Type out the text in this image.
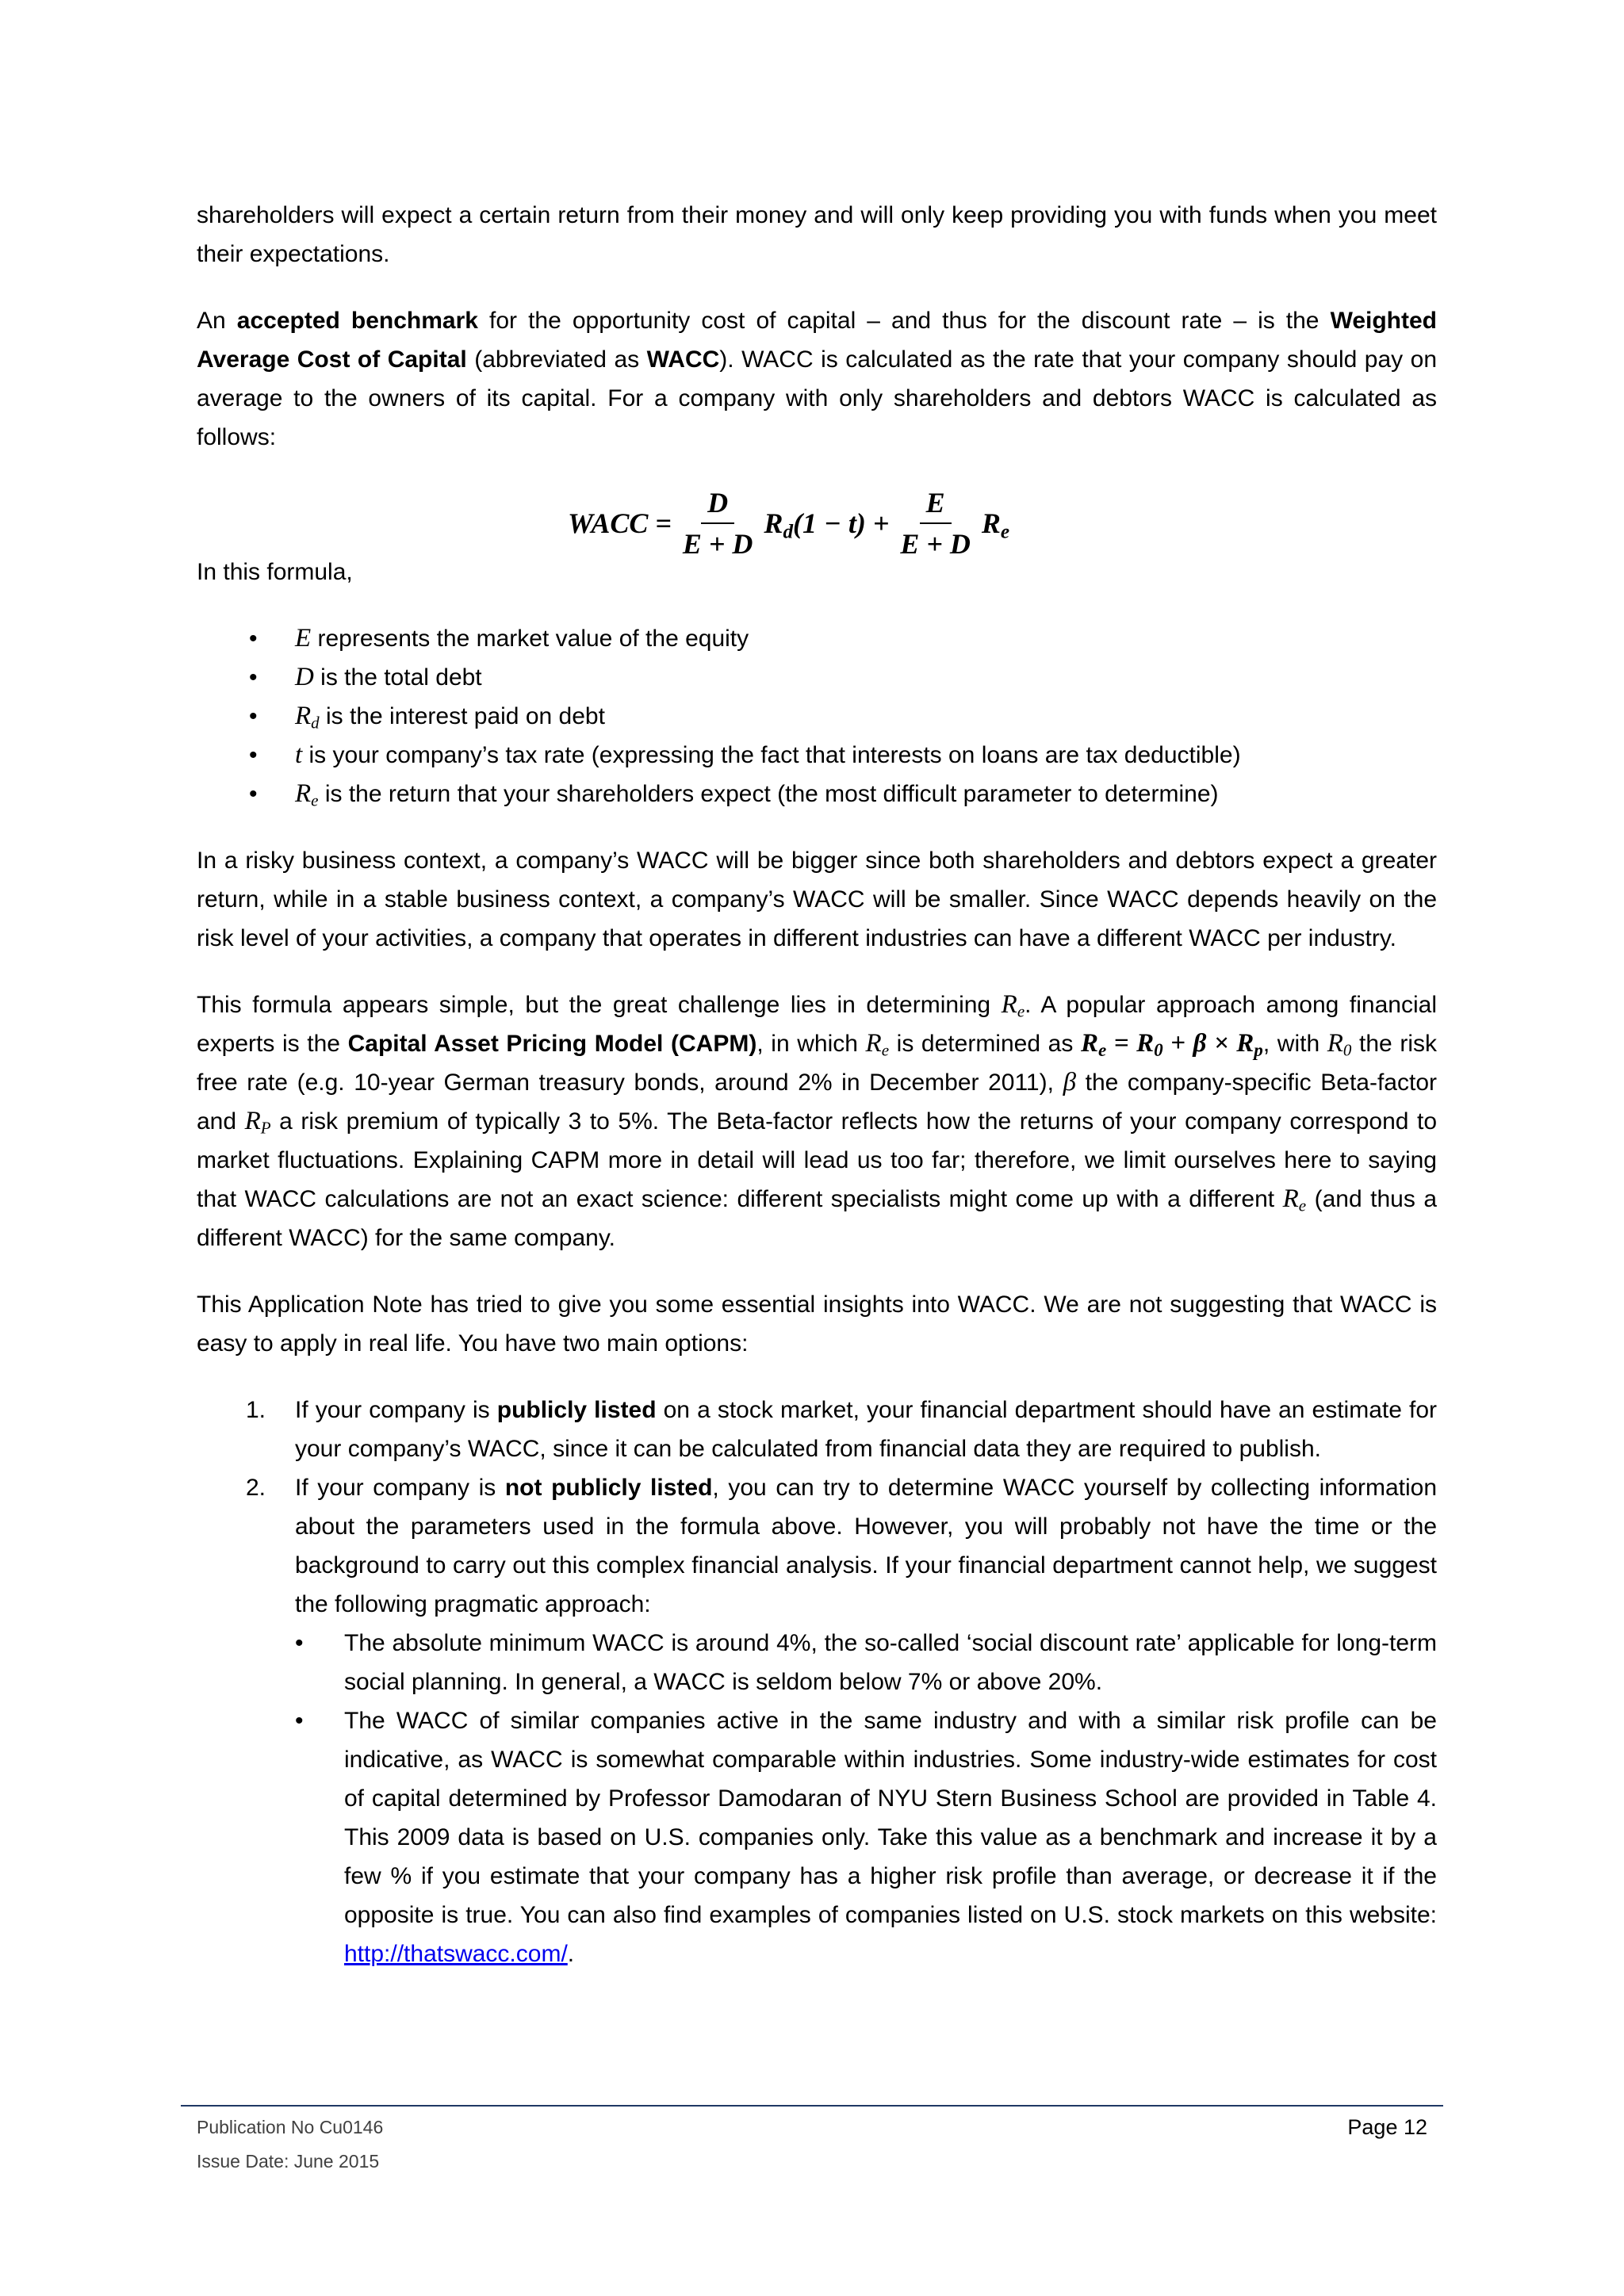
shareholders will expect a certain return from their money and will only keep providing you with funds when you meet their expectations.

An accepted benchmark for the opportunity cost of capital – and thus for the discount rate – is the Weighted Average Cost of Capital (abbreviated as WACC). WACC is calculated as the rate that your company should pay on average to the owners of its capital. For a company with only shareholders and debtors WACC is calculated as follows:

WACC = $\frac{D}{E + D} R_d(1 - t) + \frac{E}{E + D} R_e$

In this formula,

• E represents the market value of the equity
• D is the total debt
• $R_d$ is the interest paid on debt
• t is your company’s tax rate (expressing the fact that interests on loans are tax deductible)
• $R_e$ is the return that your shareholders expect (the most difficult parameter to determine)

In a risky business context, a company’s WACC will be bigger since both shareholders and debtors expect a greater return, while in a stable business context, a company’s WACC will be smaller. Since WACC depends heavily on the risk level of your activities, a company that operates in different industries can have a different WACC per industry.

This formula appears simple, but the great challenge lies in determining $R_e$. A popular approach among financial experts is the Capital Asset Pricing Model (CAPM), in which $R_e$ is determined as $R_e = R_0 + \beta \times R_p$, with $R_0$ the risk free rate (e.g. 10-year German treasury bonds, around 2% in December 2011), β the company-specific Beta-factor and $R_P$ a risk premium of typically 3 to 5%. The Beta-factor reflects how the returns of your company correspond to market fluctuations. Explaining CAPM more in detail will lead us too far; therefore, we limit ourselves here to saying that WACC calculations are not an exact science: different specialists might come up with a different $R_e$ (and thus a different WACC) for the same company.

This Application Note has tried to give you some essential insights into WACC. We are not suggesting that WACC is easy to apply in real life. You have two main options:

1. If your company is publicly listed on a stock market, your financial department should have an estimate for your company’s WACC, since it can be calculated from financial data they are required to publish.
2. If your company is not publicly listed, you can try to determine WACC yourself by collecting information about the parameters used in the formula above. However, you will probably not have the time or the background to carry out this complex financial analysis. If your financial department cannot help, we suggest the following pragmatic approach:
• The absolute minimum WACC is around 4%, the so-called ‘social discount rate’ applicable for long-term social planning. In general, a WACC is seldom below 7% or above 20%.
• The WACC of similar companies active in the same industry and with a similar risk profile can be indicative, as WACC is somewhat comparable within industries. Some industry-wide estimates for cost of capital determined by Professor Damodaran of NYU Stern Business School are provided in Table 4. This 2009 data is based on U.S. companies only. Take this value as a benchmark and increase it by a few % if you estimate that your company has a higher risk profile than average, or decrease it if the opposite is true. You can also find examples of companies listed on U.S. stock markets on this website: http://thatswacc.com/.
Publication No Cu0146
Issue Date: June 2015
Page 12
